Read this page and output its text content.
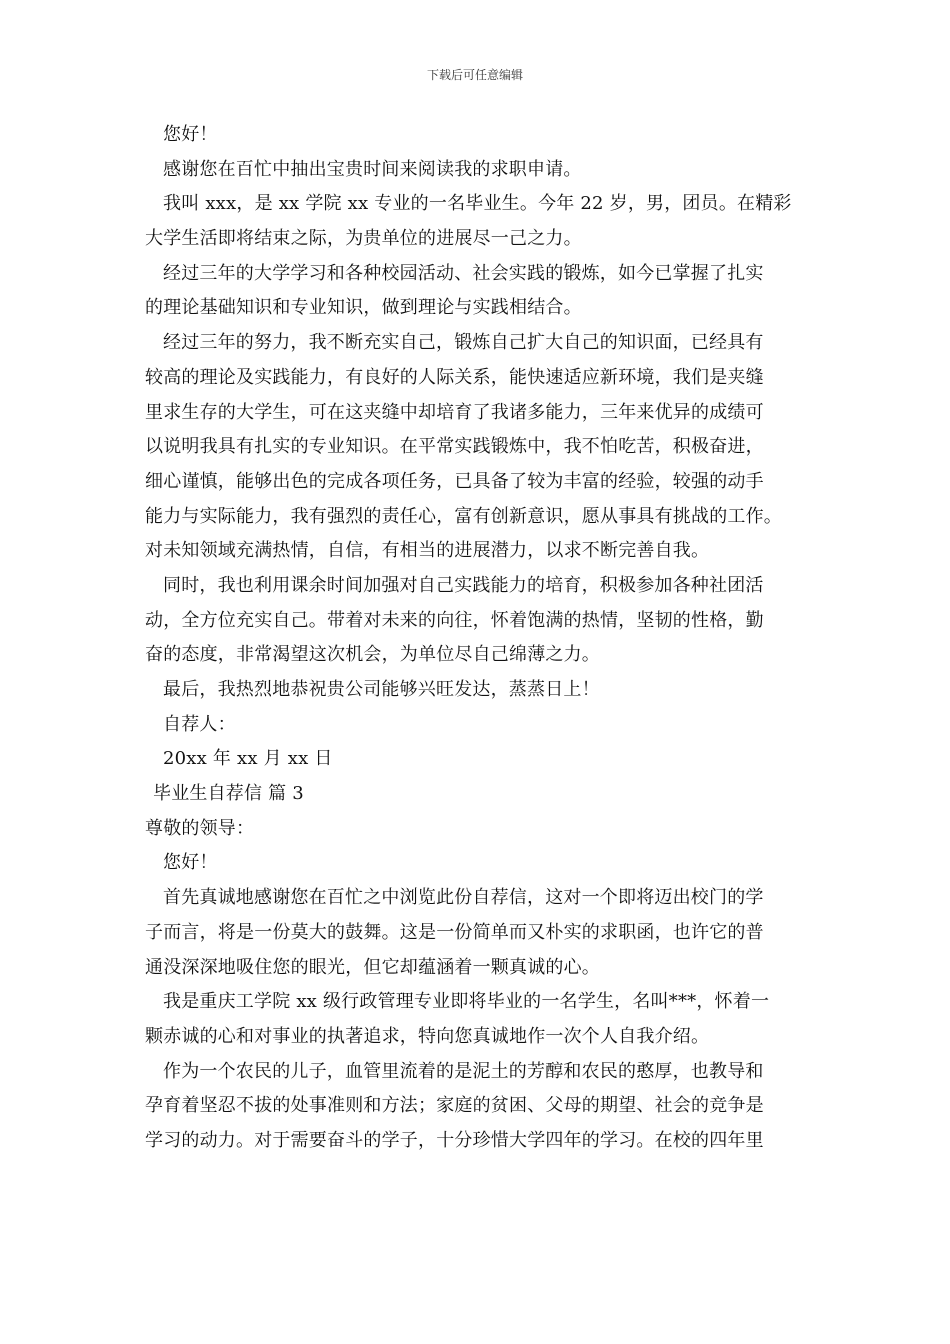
下载后可任意编辑
您好！
感谢您在百忙中抽出宝贵时间来阅读我的求职申请。
我叫 xxx，是 xx 学院 xx 专业的一名毕业生。今年 22 岁，男，团员。在精彩
大学生活即将结束之际，为贵单位的进展尽一己之力。
经过三年的大学学习和各种校园活动、社会实践的锻炼，如今已掌握了扎实
的理论基础知识和专业知识，做到理论与实践相结合。
经过三年的努力，我不断充实自己，锻炼自己扩大自己的知识面，已经具有
较高的理论及实践能力，有良好的人际关系，能快速适应新环境，我们是夹缝
里求生存的大学生，可在这夹缝中却培育了我诸多能力，三年来优异的成绩可
以说明我具有扎实的专业知识。在平常实践锻炼中，我不怕吃苦，积极奋进，
细心谨慎，能够出色的完成各项任务，已具备了较为丰富的经验，较强的动手
能力与实际能力，我有强烈的责任心，富有创新意识，愿从事具有挑战的工作。
对未知领域充满热情，自信，有相当的进展潜力，以求不断完善自我。
同时，我也利用课余时间加强对自己实践能力的培育，积极参加各种社团活
动，全方位充实自己。带着对未来的向往，怀着饱满的热情，坚韧的性格，勤
奋的态度，非常渴望这次机会，为单位尽自己绵薄之力。
最后，我热烈地恭祝贵公司能够兴旺发达，蒸蒸日上！
自荐人：
20xx 年 xx 月 xx 日
毕业生自荐信 篇 3
尊敬的领导：
您好！
首先真诚地感谢您在百忙之中浏览此份自荐信，这对一个即将迈出校门的学
子而言，将是一份莫大的鼓舞。这是一份简单而又朴实的求职函，也许它的普
通没深深地吸住您的眼光，但它却蕴涵着一颗真诚的心。
我是重庆工学院 xx 级行政管理专业即将毕业的一名学生，名叫***，怀着一
颗赤诚的心和对事业的执著追求，特向您真诚地作一次个人自我介绍。
作为一个农民的儿子，血管里流着的是泥土的芳醇和农民的憨厚，也教导和
孕育着坚忍不拔的处事准则和方法；家庭的贫困、父母的期望、社会的竞争是
学习的动力。对于需要奋斗的学子，十分珍惜大学四年的学习。在校的四年里
